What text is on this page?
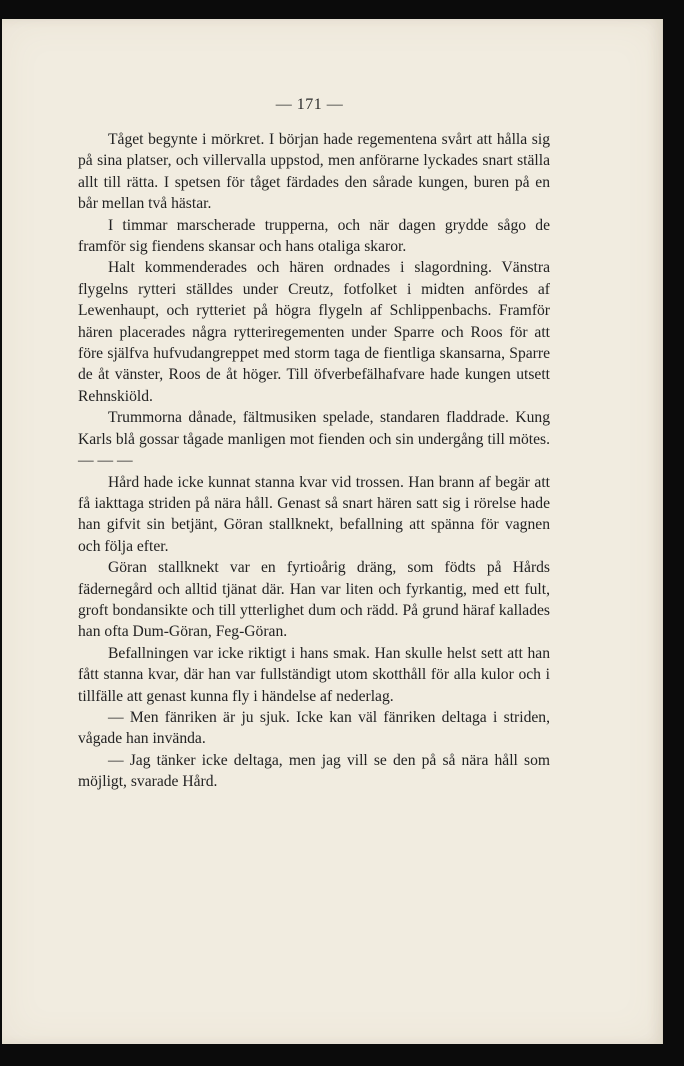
— 171 —

Tåget begynte i mörkret. I början hade regementena svårt att hålla sig på sina platser, och villervalla uppstod, men anförarne lyckades snart ställa allt till rätta. I spetsen för tåget färdades den sårade kungen, buren på en bår mellan två hästar.

I timmar marscherade trupperna, och när dagen grydde sågo de framför sig fiendens skansar och hans otaliga skaror.

Halt kommenderades och hären ordnades i slagordning. Vänstra flygelns rytteri ställdes under Creutz, fotfolket i midten anfördes af Lewenhaupt, och rytteriet på högra flygeln af Schlippenbachs. Framför hären placerades några rytteriregementen under Sparre och Roos för att före själfva hufvudangreppet med storm taga de fientliga skansarna, Sparre de åt vänster, Roos de åt höger. Till öfverbefälhafvare hade kungen utsett Rehnskiöld.

Trummorna dånade, fältmusiken spelade, standaren fladdrade. Kung Karls blå gossar tågade manligen mot fienden och sin undergång till mötes. — — —

Hård hade icke kunnat stanna kvar vid trossen. Han brann af begär att få iakttaga striden på nära håll. Genast så snart hären satt sig i rörelse hade han gifvit sin betjänt, Göran stallknekt, befallning att spänna för vagnen och följa efter.

Göran stallknekt var en fyrtioårig dräng, som födts på Hårds fädernegård och alltid tjänat där. Han var liten och fyrkantig, med ett fult, groft bondansikte och till ytterlighet dum och rädd. På grund häraf kallades han ofta Dum-Göran, Feg-Göran.

Befallningen var icke riktigt i hans smak. Han skulle helst sett att han fått stanna kvar, där han var fullständigt utom skotthåll för alla kulor och i tillfälle att genast kunna fly i händelse af nederlag.

— Men fänriken är ju sjuk. Icke kan väl fänriken deltaga i striden, vågade han invända.

— Jag tänker icke deltaga, men jag vill se den på så nära håll som möjligt, svarade Hård.
